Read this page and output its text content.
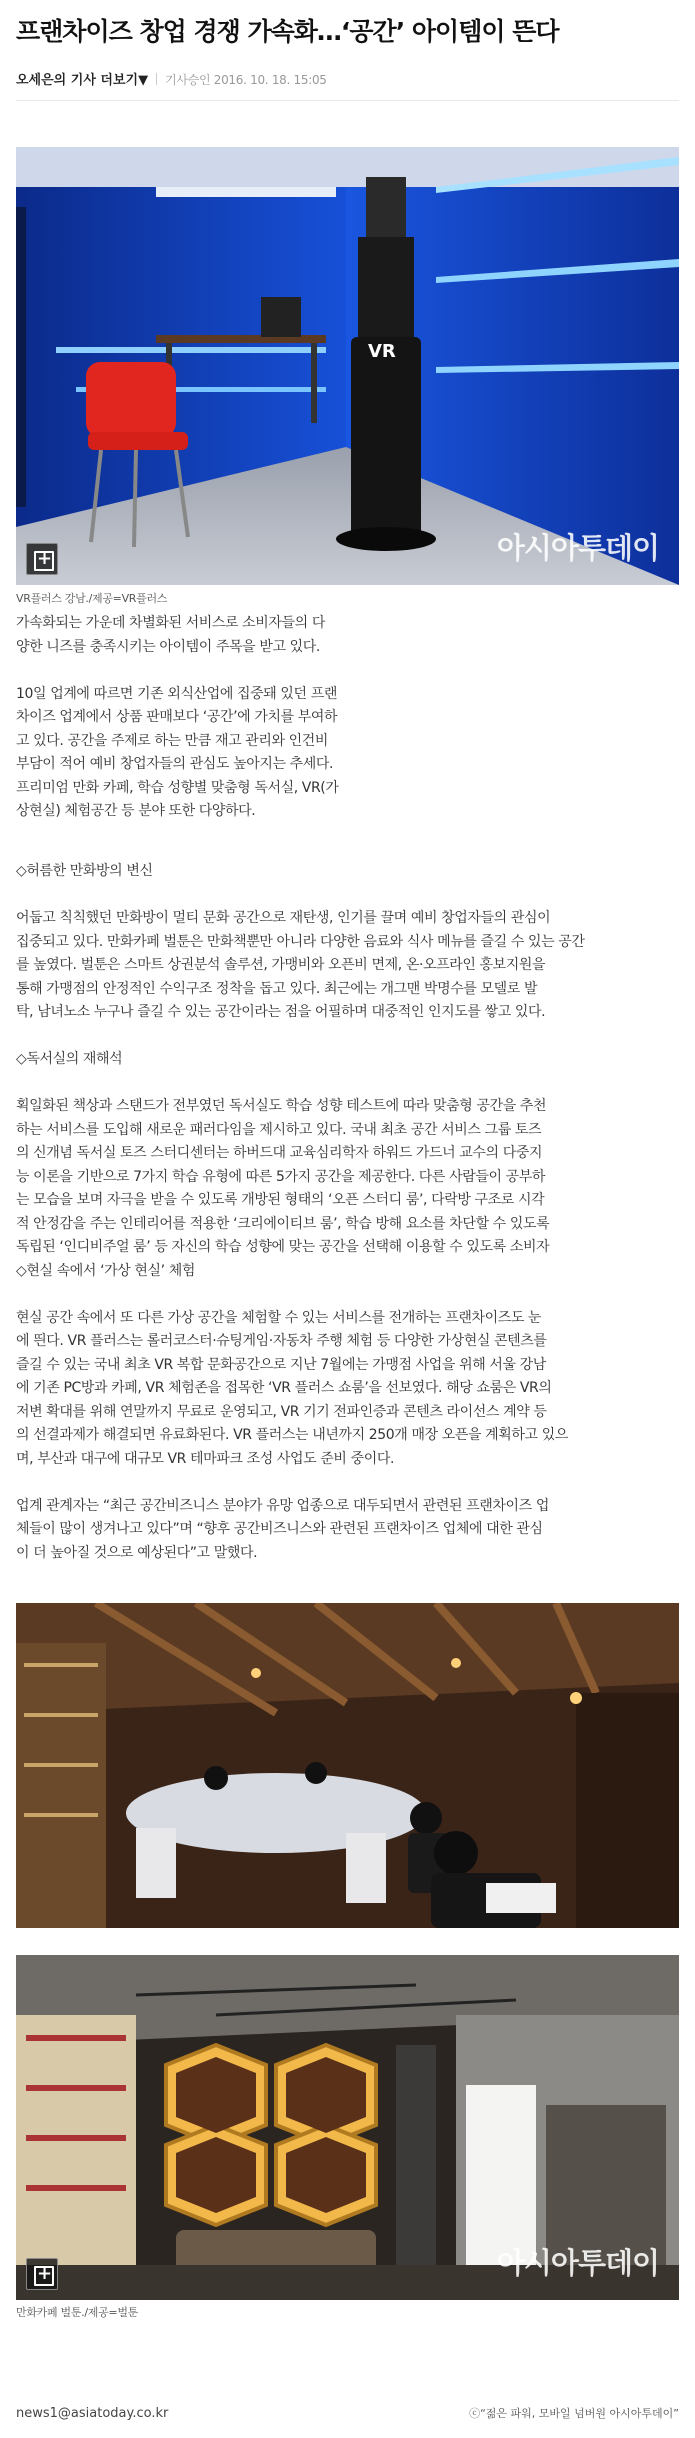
프랜차이즈 창업 경쟁 가속화…‘공간’ 아이템이 뜬다
오세은의 기사 더보기▼ 기사승인 2016. 10. 18. 15:05
VR
+
아시아투데이
VR플러스 강남./제공=VR플러스

가속화되는 가운데 차별화된 서비스로 소비자들의 다

양한 니즈를 충족시키는 아이템이 주목을 받고 있다.

10일 업계에 따르면 기존 외식산업에 집중돼 있던 프랜

차이즈 업계에서 상품 판매보다 ‘공간’에 가치를 부여하

고 있다. 공간을 주제로 하는 만큼 재고 관리와 인건비

부담이 적어 예비 창업자들의 관심도 높아지는 추세다.

프리미엄 만화 카페, 학습 성향별 맞춤형 독서실, VR(가

상현실) 체험공간 등 분야 또한 다양하다.

◇허름한 만화방의 변신

어둡고 칙칙했던 만화방이 멀티 문화 공간으로 재탄생, 인기를 끌며 예비 창업자들의 관심이

집중되고 있다. 만화카페 벌툰은 만화책뿐만 아니라 다양한 음료와 식사 메뉴를 즐길 수 있는 공간

를 높였다. 벌툰은 스마트 상권분석 솔루션, 가맹비와 오픈비 면제, 온·오프라인 홍보지원을

통해 가맹점의 안정적인 수익구조 정착을 돕고 있다. 최근에는 개그맨 박명수를 모델로 발

탁, 남녀노소 누구나 즐길 수 있는 공간이라는 점을 어필하며 대중적인 인지도를 쌓고 있다.

◇독서실의 재해석

획일화된 책상과 스탠드가 전부였던 독서실도 학습 성향 테스트에 따라 맞춤형 공간을 추천

하는 서비스를 도입해 새로운 패러다임을 제시하고 있다. 국내 최초 공간 서비스 그룹 토즈

의 신개념 독서실 토즈 스터디센터는 하버드대 교육심리학자 하워드 가드너 교수의 다중지

능 이론을 기반으로 7가지 학습 유형에 따른 5가지 공간을 제공한다. 다른 사람들이 공부하

는 모습을 보며 자극을 받을 수 있도록 개방된 형태의 ‘오픈 스터디 룸’, 다락방 구조로 시각

적 안정감을 주는 인테리어를 적용한 ‘크리에이티브 룸’, 학습 방해 요소를 차단할 수 있도록

독립된 ‘인디비주얼 룸’ 등 자신의 학습 성향에 맞는 공간을 선택해 이용할 수 있도록 소비자

◇현실 속에서 ‘가상 현실’ 체험

현실 공간 속에서 또 다른 가상 공간을 체험할 수 있는 서비스를 전개하는 프랜차이즈도 눈

에 띈다. VR 플러스는 롤러코스터·슈팅게임·자동차 주행 체험 등 다양한 가상현실 콘텐츠를

즐길 수 있는 국내 최초 VR 복합 문화공간으로 지난 7월에는 가맹점 사업을 위해 서울 강남

에 기존 PC방과 카페, VR 체험존을 접목한 ‘VR 플러스 쇼룸’을 선보였다. 해당 쇼룸은 VR의

저변 확대를 위해 연말까지 무료로 운영되고, VR 기기 전파인증과 콘텐츠 라이선스 계약 등

의 선결과제가 해결되면 유료화된다. VR 플러스는 내년까지 250개 매장 오픈을 계획하고 있으

며, 부산과 대구에 대규모 VR 테마파크 조성 사업도 준비 중이다.

업계 관계자는 “최근 공간비즈니스 분야가 유망 업종으로 대두되면서 관련된 프랜차이즈 업

체들이 많이 생겨나고 있다”며 “향후 공간비즈니스와 관련된 프랜차이즈 업체에 대한 관심

이 더 높아질 것으로 예상된다”고 말했다.

+
아시아투데이
만화카페 벌툰./제공=벌툰
news1@asiatoday.co.kr	ⓒ“젊은 파워, 모바일 넘버원 아시아투데이”
